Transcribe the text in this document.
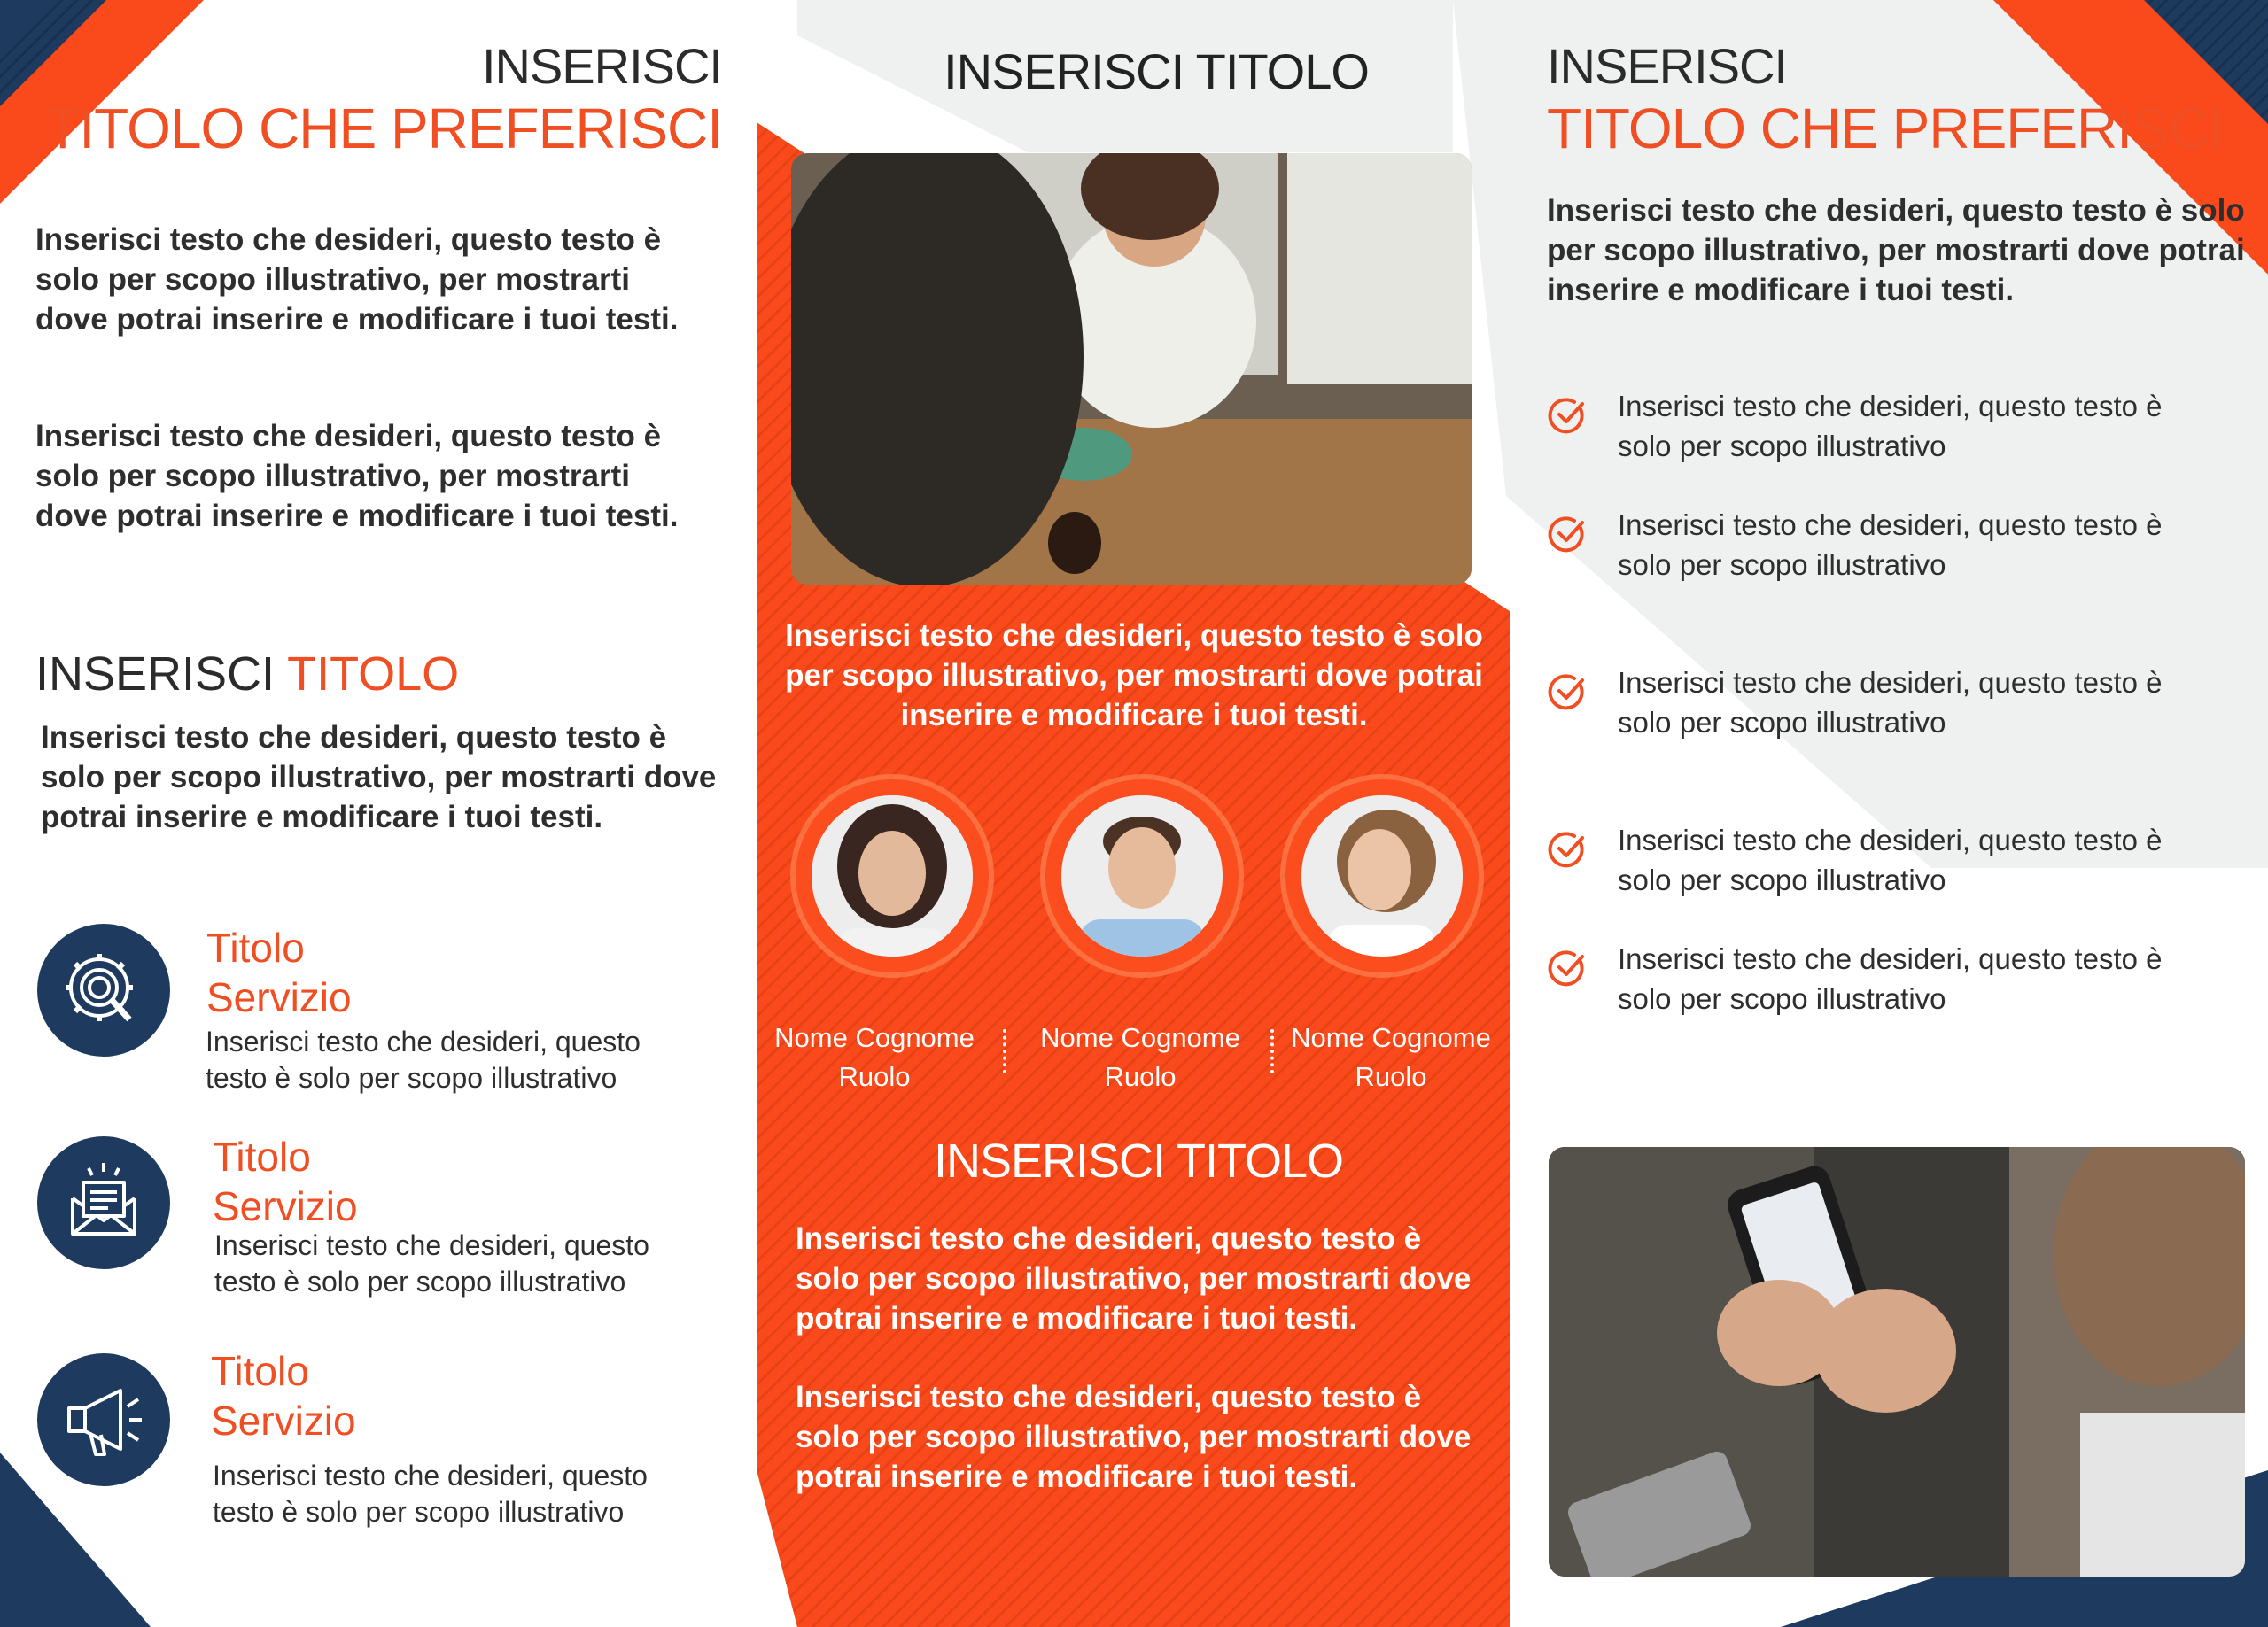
INSERISCI
TITOLO CHE PREFERISCI
Inserisci testo che desideri, questo testo è solo per scopo illustrativo, per mostrarti dove potrai inserire e modificare i tuoi testi.
Inserisci testo che desideri, questo testo è solo per scopo illustrativo, per mostrarti dove potrai inserire e modificare i tuoi testi.
INSERISCI TITOLO
Inserisci testo che desideri, questo testo è solo per scopo illustrativo, per mostrarti dove potrai inserire e modificare i tuoi testi.
Titolo
Servizio
Inserisci testo che desideri, questo testo è solo per scopo illustrativo
Titolo
Servizio
Inserisci testo che desideri, questo testo è solo per scopo illustrativo
Titolo
Servizio
Inserisci testo che desideri, questo testo è solo per scopo illustrativo
INSERISCI TITOLO
Inserisci testo che desideri, questo testo è solo per scopo illustrativo, per mostrarti dove potrai inserire e modificare i tuoi testi.
Nome Cognome
Ruolo
Nome Cognome
Ruolo
Nome Cognome
Ruolo
INSERISCI TITOLO
Inserisci testo che desideri, questo testo è solo per scopo illustrativo, per mostrarti dove potrai inserire e modificare i tuoi testi.
Inserisci testo che desideri, questo testo è solo per scopo illustrativo, per mostrarti dove potrai inserire e modificare i tuoi testi.
INSERISCI
TITOLO CHE PREFERISCI
Inserisci testo che desideri, questo testo è solo per scopo illustrativo, per mostrarti dove potrai inserire e modificare i tuoi testi.
Inserisci testo che desideri, questo testo è solo per scopo illustrativo
Inserisci testo che desideri, questo testo è solo per scopo illustrativo
Inserisci testo che desideri, questo testo è solo per scopo illustrativo
Inserisci testo che desideri, questo testo è solo per scopo illustrativo
Inserisci testo che desideri, questo testo è solo per scopo illustrativo
